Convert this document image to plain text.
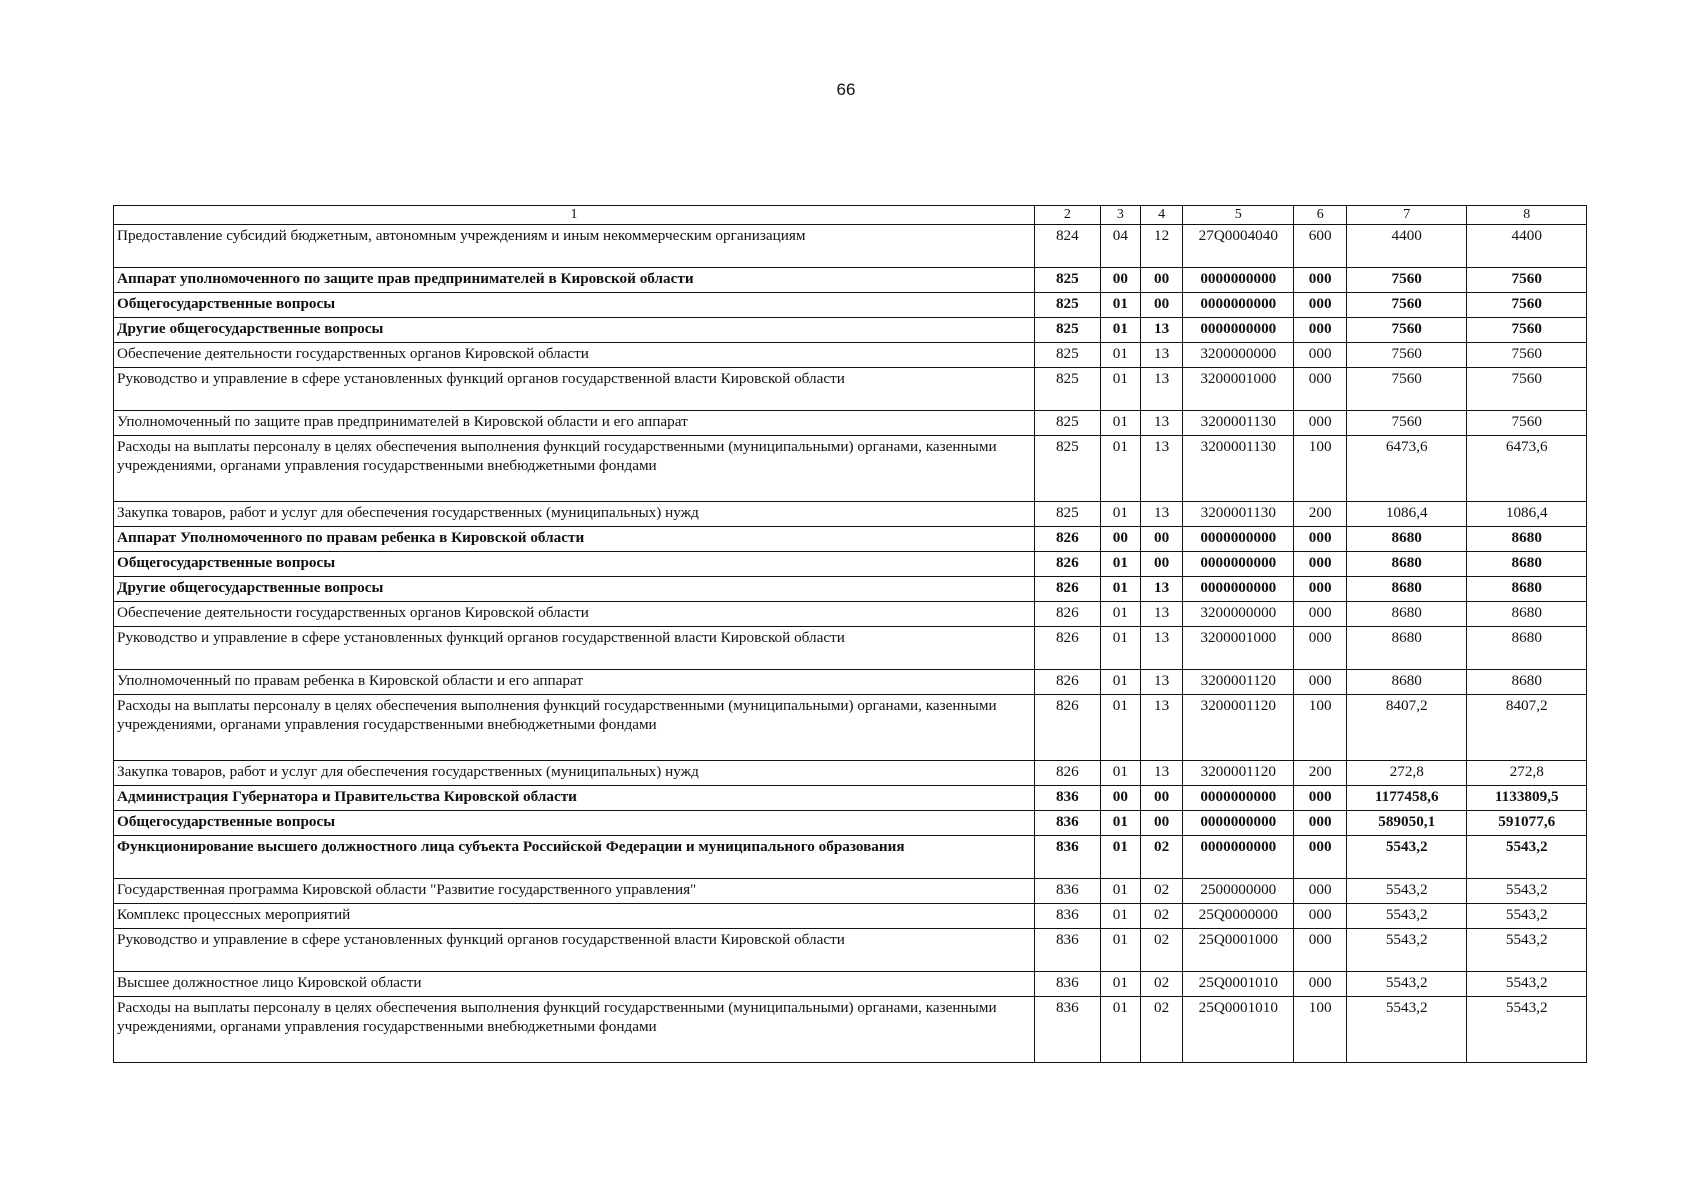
66
1	2	3	4	5	6	7	8
Предоставление субсидий бюджетным, автономным учреждениям и иным некоммерческим организациям	824	04	12	27Q0004040	600	4400	4400
Аппарат уполномоченного по защите прав предпринимателей в Кировской области	825	00	00	0000000000	000	7560	7560
Общегосударственные вопросы	825	01	00	0000000000	000	7560	7560
Другие общегосударственные вопросы	825	01	13	0000000000	000	7560	7560
Обеспечение деятельности государственных органов Кировской области	825	01	13	3200000000	000	7560	7560
Руководство и управление в сфере установленных функций органов государственной власти Кировской области	825	01	13	3200001000	000	7560	7560
Уполномоченный по защите прав предпринимателей в Кировской области и его аппарат	825	01	13	3200001130	000	7560	7560
Расходы на выплаты персоналу в целях обеспечения выполнения функций государственными (муниципальными) органами, казенными учреждениями, органами управления государственными внебюджетными фондами	825	01	13	3200001130	100	6473,6	6473,6
Закупка товаров, работ и услуг для обеспечения государственных (муниципальных) нужд	825	01	13	3200001130	200	1086,4	1086,4
Аппарат Уполномоченного по правам ребенка в Кировской области	826	00	00	0000000000	000	8680	8680
Общегосударственные вопросы	826	01	00	0000000000	000	8680	8680
Другие общегосударственные вопросы	826	01	13	0000000000	000	8680	8680
Обеспечение деятельности государственных органов Кировской области	826	01	13	3200000000	000	8680	8680
Руководство и управление в сфере установленных функций органов государственной власти Кировской области	826	01	13	3200001000	000	8680	8680
Уполномоченный по правам ребенка в Кировской области и его аппарат	826	01	13	3200001120	000	8680	8680
Расходы на выплаты персоналу в целях обеспечения выполнения функций государственными (муниципальными) органами, казенными учреждениями, органами управления государственными внебюджетными фондами	826	01	13	3200001120	100	8407,2	8407,2
Закупка товаров, работ и услуг для обеспечения государственных (муниципальных) нужд	826	01	13	3200001120	200	272,8	272,8
Администрация Губернатора и Правительства Кировской области	836	00	00	0000000000	000	1177458,6	1133809,5
Общегосударственные вопросы	836	01	00	0000000000	000	589050,1	591077,6
Функционирование высшего должностного лица субъекта Российской Федерации и муниципального образования	836	01	02	0000000000	000	5543,2	5543,2
Государственная программа Кировской области "Развитие государственного управления"	836	01	02	2500000000	000	5543,2	5543,2
Комплекс процессных мероприятий	836	01	02	25Q0000000	000	5543,2	5543,2
Руководство и управление в сфере установленных функций органов государственной власти Кировской области	836	01	02	25Q0001000	000	5543,2	5543,2
Высшее должностное лицо Кировской области	836	01	02	25Q0001010	000	5543,2	5543,2
Расходы на выплаты персоналу в целях обеспечения выполнения функций государственными (муниципальными) органами, казенными учреждениями, органами управления государственными внебюджетными фондами	836	01	02	25Q0001010	100	5543,2	5543,2
